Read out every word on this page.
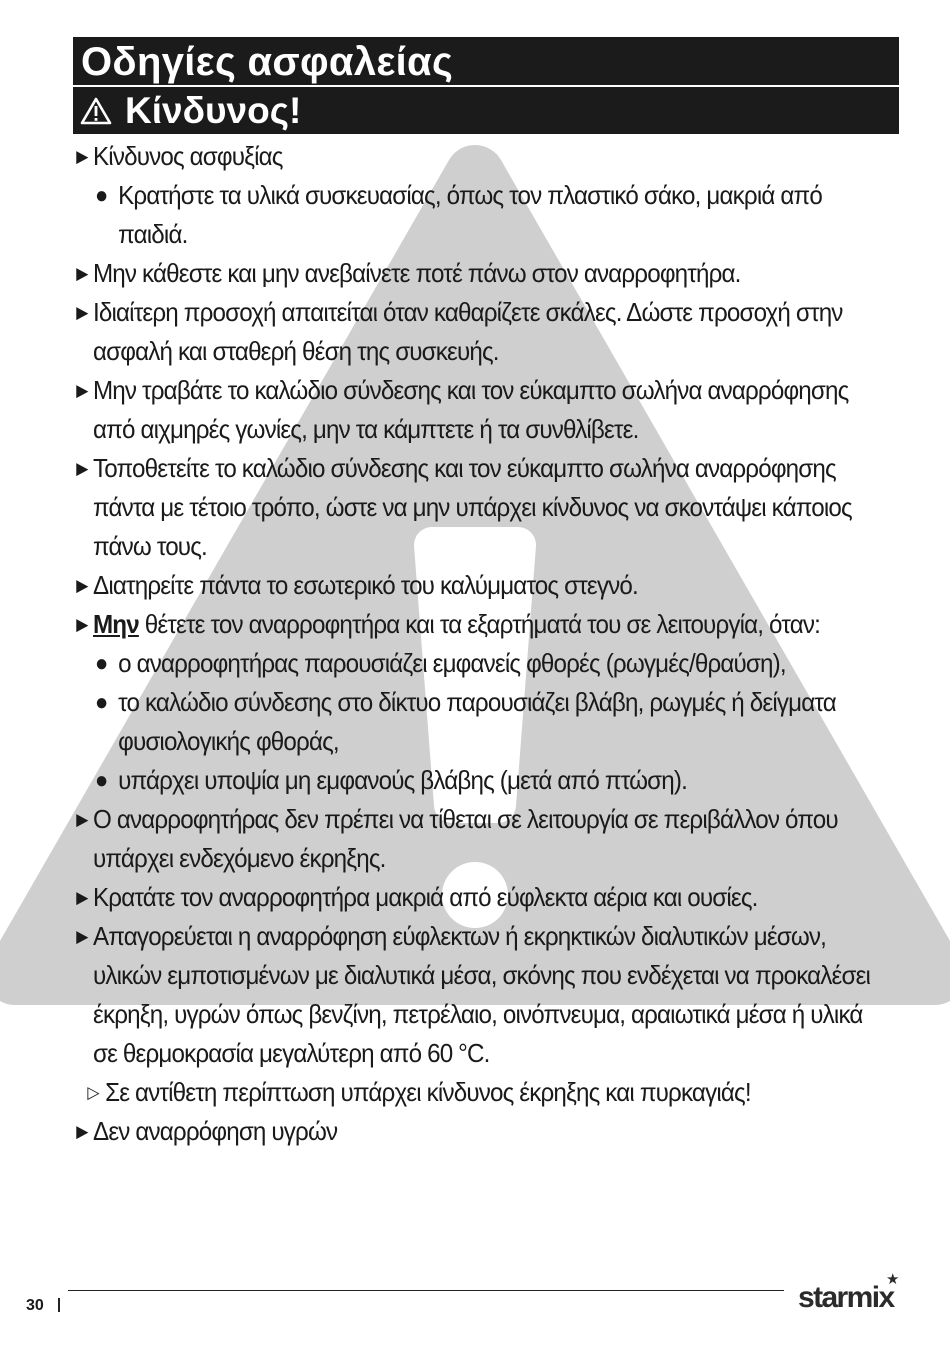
Οδηγίες ασφαλείας
Κίνδυνος!
▶ Κίνδυνος ασφυξίας
● Κρατήστε τα υλικά συσκευασίας, όπως τον πλαστικό σάκο, μακριά από παιδιά.
▶ Μην κάθεστε και μην ανεβαίνετε ποτέ πάνω στον αναρροφητήρα.
▶ Ιδιαίτερη προσοχή απαιτείται όταν καθαρίζετε σκάλες. Δώστε προσοχή στην ασφαλή και σταθερή θέση της συσκευής.
▶ Μην τραβάτε το καλώδιο σύνδεσης και τον εύκαμπτο σωλήνα αναρρόφησης από αιχμηρές γωνίες, μην τα κάμπτετε ή τα συνθλίβετε.
▶ Τοποθετείτε το καλώδιο σύνδεσης και τον εύκαμπτο σωλήνα αναρρόφησης πάντα με τέτοιο τρόπο, ώστε να μην υπάρχει κίνδυνος να σκοντάψει κάποιος πάνω τους.
▶ Διατηρείτε πάντα το εσωτερικό του καλύμματος στεγνό.
▶ Μην θέτετε τον αναρροφητήρα και τα εξαρτήματά του σε λειτουργία, όταν:
● ο αναρροφητήρας παρουσιάζει εμφανείς φθορές (ρωγμές/θραύση),
● το καλώδιο σύνδεσης στο δίκτυο παρουσιάζει βλάβη, ρωγμές ή δείγματα φυσιολογικής φθοράς,
● υπάρχει υποψία μη εμφανούς βλάβης (μετά από πτώση).
▶ Ο αναρροφητήρας δεν πρέπει να τίθεται σε λειτουργία σε περιβάλλον όπου υπάρχει ενδεχόμενο έκρηξης.
▶ Κρατάτε τον αναρροφητήρα μακριά από εύφλεκτα αέρια και ουσίες.
▶ Απαγορεύεται η αναρρόφηση εύφλεκτων ή εκρηκτικών διαλυτικών μέσων, υλικών εμποτισμένων με διαλυτικά μέσα, σκόνης που ενδέχεται να προκαλέσει έκρηξη, υγρών όπως βενζίνη, πετρέλαιο, οινόπνευμα, αραιωτικά μέσα ή υλικά σε θερμοκρασία μεγαλύτερη από 60 °C.
▷ Σε αντίθετη περίπτωση υπάρχει κίνδυνος έκρηξης και πυρκαγιάς!
▶ Δεν αναρρόφηση υγρών
30	starmix
★
